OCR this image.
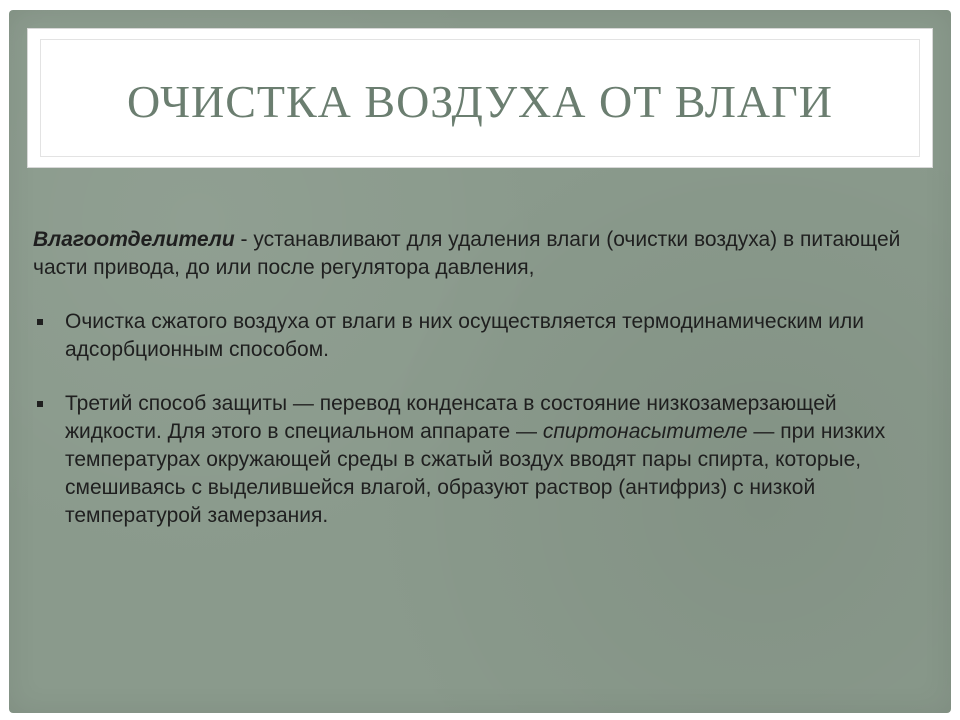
ОЧИСТКА ВОЗДУХА ОТ ВЛАГИ

Влагоотделители - устанавливают для удаления влаги (очистки воздуха) в питающей части привода, до или после регулятора давления,

Очистка сжатого воздуха от влаги в них осуществляется термодинамическим или адсорбционным способом.
Третий способ защиты — перевод конденсата в состояние низкозамерзающей жидкости. Для этого в специальном аппарате — спиртонасытителе — при низких температурах окружающей среды в сжатый воздух вводят пары спирта, которые, смешиваясь с выделившейся влагой, образуют раствор (антифриз) с низкой температурой замерзания.
